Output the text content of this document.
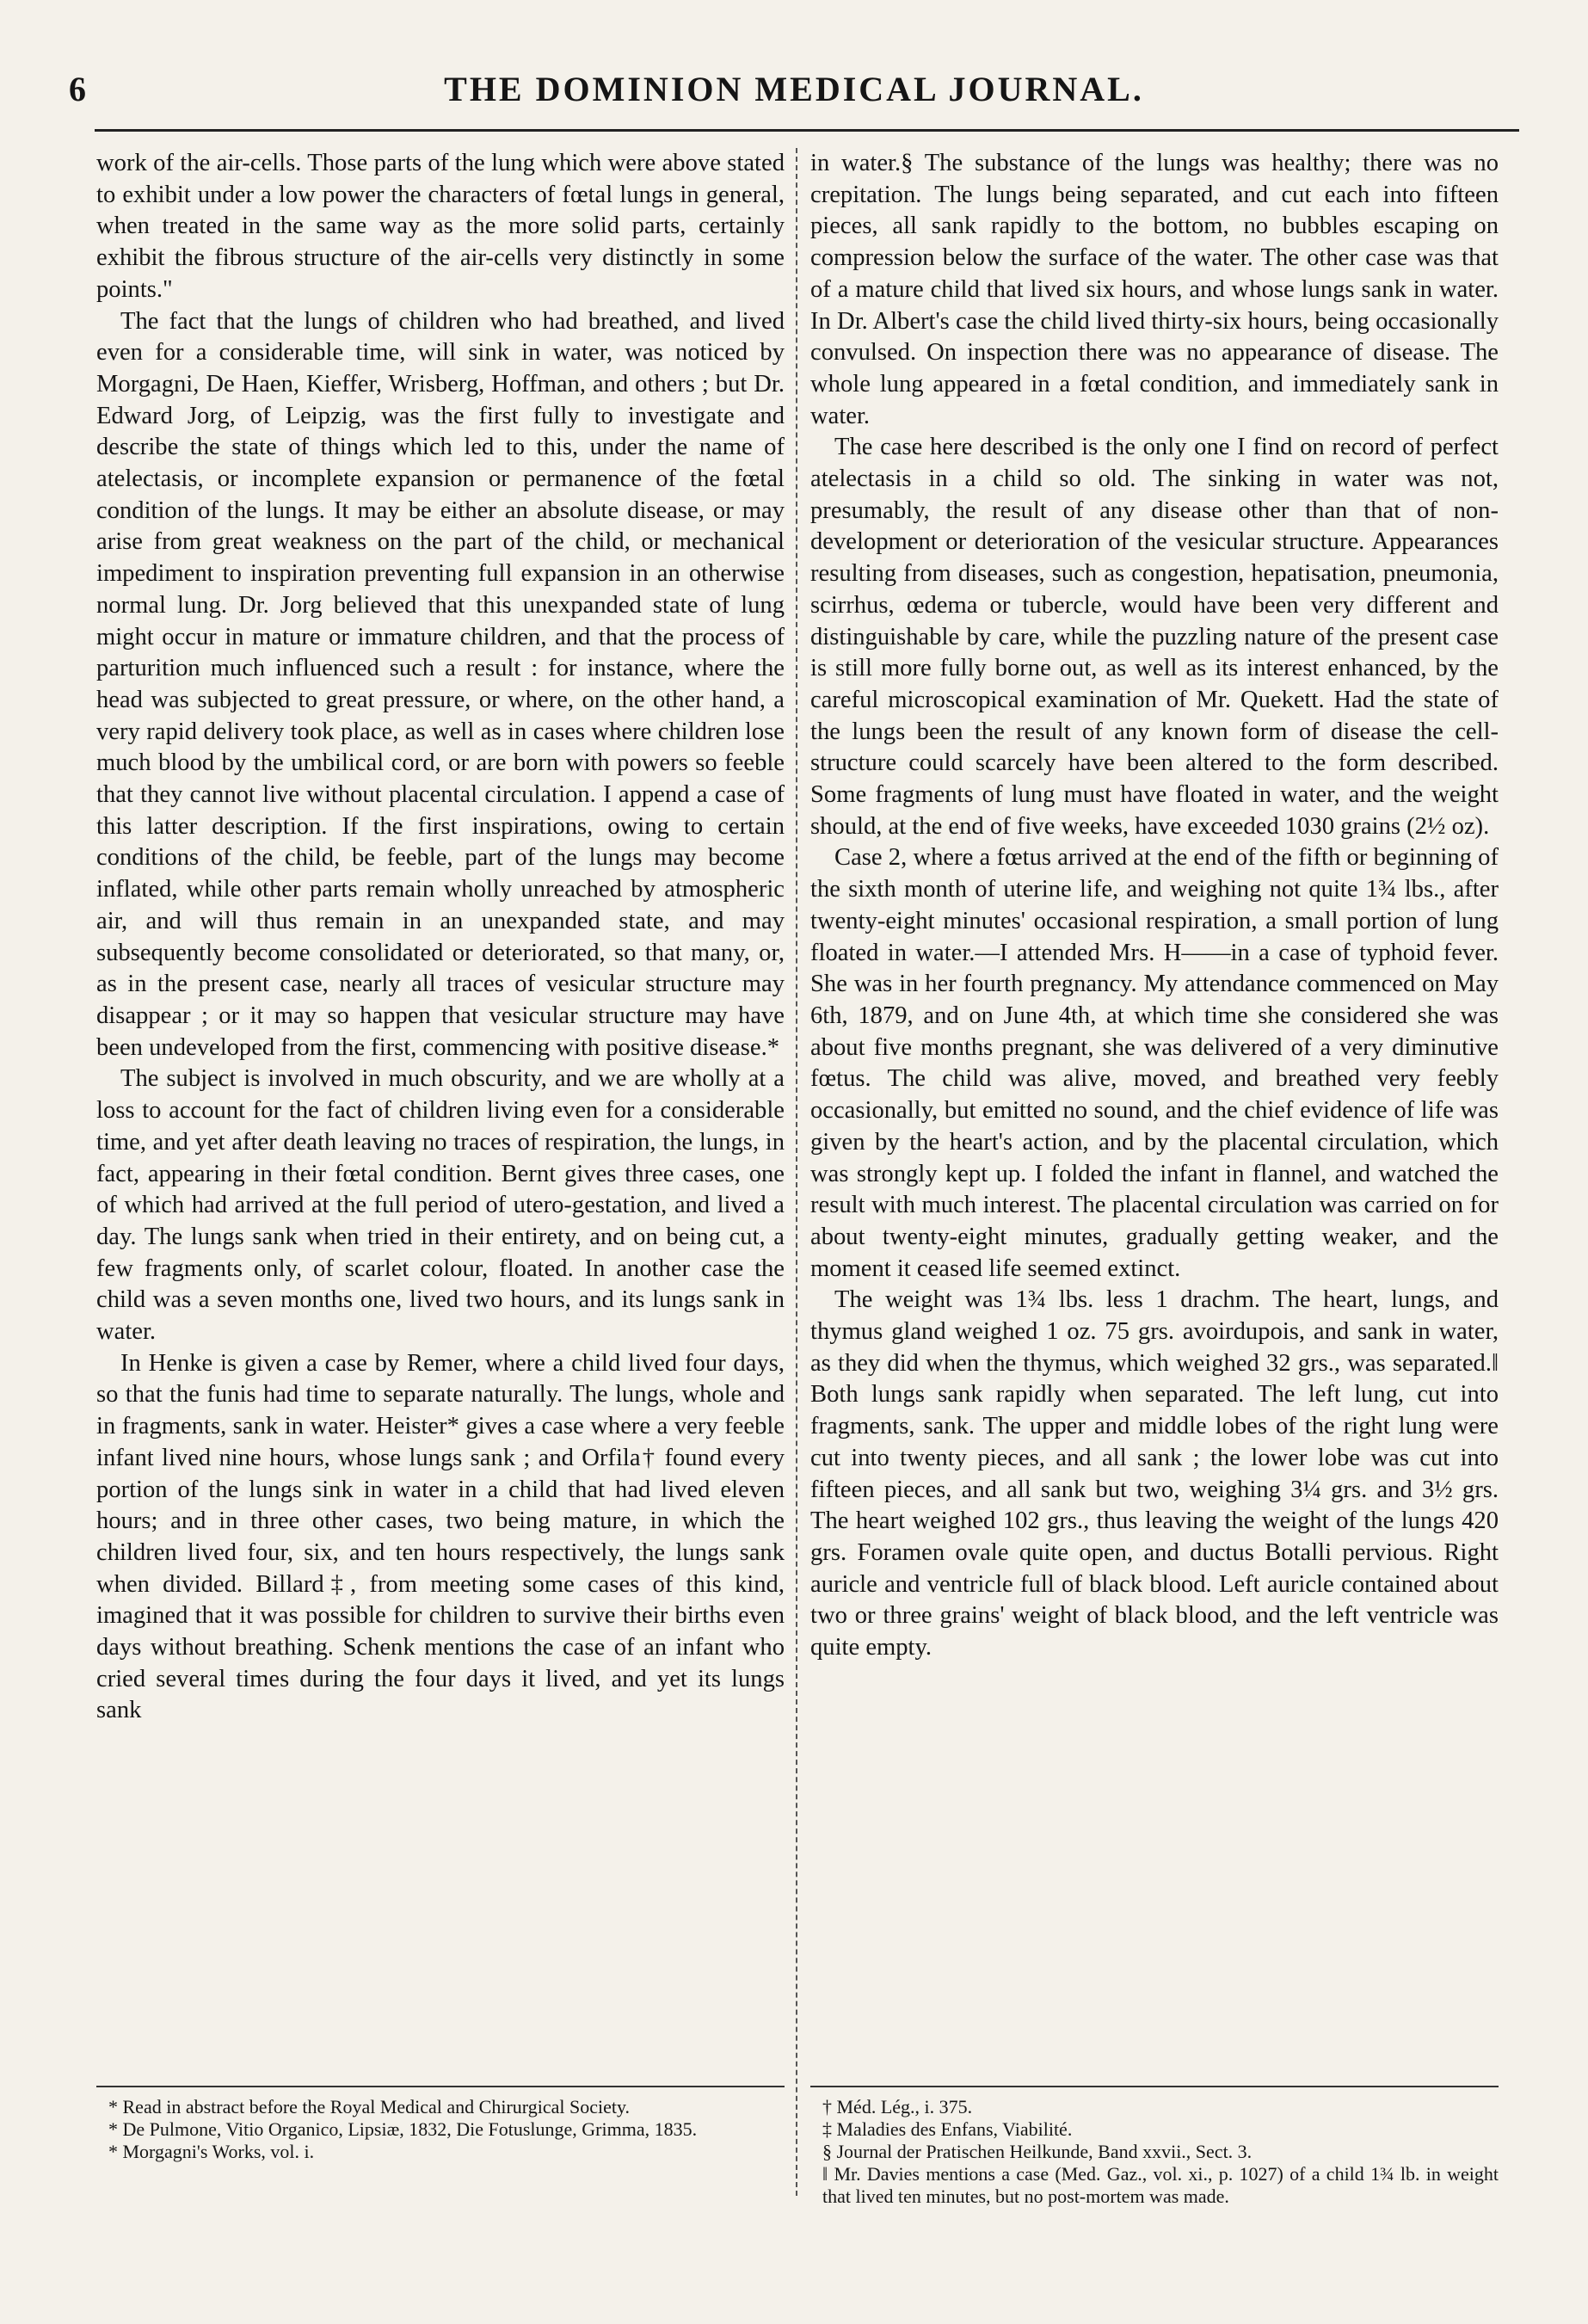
6	THE DOMINION MEDICAL JOURNAL.

work of the air-cells. Those parts of the lung which were above stated to exhibit under a low power the characters of fœtal lungs in general, when treated in the same way as the more solid parts, certainly exhibit the fibrous structure of the air-cells very distinctly in some points."

The fact that the lungs of children who had breathed, and lived even for a considerable time, will sink in water, was noticed by Morgagni, De Haen, Kieffer, Wrisberg, Hoffman, and others ; but Dr. Edward Jorg, of Leipzig, was the first fully to investigate and describe the state of things which led to this, under the name of atelectasis, or incomplete expansion or permanence of the fœtal condition of the lungs. It may be either an absolute disease, or may arise from great weakness on the part of the child, or mechanical impediment to inspiration preventing full expansion in an otherwise normal lung. Dr. Jorg believed that this unexpanded state of lung might occur in mature or immature children, and that the process of parturition much influenced such a result : for instance, where the head was subjected to great pressure, or where, on the other hand, a very rapid delivery took place, as well as in cases where children lose much blood by the umbilical cord, or are born with powers so feeble that they cannot live without placental circulation. I append a case of this latter description. If the first inspirations, owing to certain conditions of the child, be feeble, part of the lungs may become inflated, while other parts remain wholly unreached by atmospheric air, and will thus remain in an unexpanded state, and may subsequently become consolidated or deteriorated, so that many, or, as in the present case, nearly all traces of vesicular structure may disappear ; or it may so happen that vesicular structure may have been undeveloped from the first, commencing with positive disease.*

The subject is involved in much obscurity, and we are wholly at a loss to account for the fact of children living even for a considerable time, and yet after death leaving no traces of respiration, the lungs, in fact, appearing in their fœtal condition. Bernt gives three cases, one of which had arrived at the full period of utero-gestation, and lived a day. The lungs sank when tried in their entirety, and on being cut, a few fragments only, of scarlet colour, floated. In another case the child was a seven months one, lived two hours, and its lungs sank in water.

In Henke is given a case by Remer, where a child lived four days, so that the funis had time to separate naturally. The lungs, whole and in fragments, sank in water. Heister* gives a case where a very feeble infant lived nine hours, whose lungs sank ; and Orfila† found every portion of the lungs sink in water in a child that had lived eleven hours; and in three other cases, two being mature, in which the children lived four, six, and ten hours respectively, the lungs sank when divided. Billard‡, from meeting some cases of this kind, imagined that it was possible for children to survive their births even days without breathing. Schenk mentions the case of an infant who cried several times during the four days it lived, and yet its lungs sank

in water.§ The substance of the lungs was healthy; there was no crepitation. The lungs being separated, and cut each into fifteen pieces, all sank rapidly to the bottom, no bubbles escaping on compression below the surface of the water. The other case was that of a mature child that lived six hours, and whose lungs sank in water. In Dr. Albert's case the child lived thirty-six hours, being occasionally convulsed. On inspection there was no appearance of disease. The whole lung appeared in a fœtal condition, and immediately sank in water.

The case here described is the only one I find on record of perfect atelectasis in a child so old. The sinking in water was not, presumably, the result of any disease other than that of non-development or deterioration of the vesicular structure. Appearances resulting from diseases, such as congestion, hepatisation, pneumonia, scirrhus, œdema or tubercle, would have been very different and distinguishable by care, while the puzzling nature of the present case is still more fully borne out, as well as its interest enhanced, by the careful microscopical examination of Mr. Quekett. Had the state of the lungs been the result of any known form of disease the cell-structure could scarcely have been altered to the form described. Some fragments of lung must have floated in water, and the weight should, at the end of five weeks, have exceeded 1030 grains (2½ oz).

Case 2, where a fœtus arrived at the end of the fifth or beginning of the sixth month of uterine life, and weighing not quite 1¾ lbs., after twenty-eight minutes' occasional respiration, a small portion of lung floated in water.—I attended Mrs. H——in a case of typhoid fever. She was in her fourth pregnancy. My attendance commenced on May 6th, 1879, and on June 4th, at which time she considered she was about five months pregnant, she was delivered of a very diminutive fœtus. The child was alive, moved, and breathed very feebly occasionally, but emitted no sound, and the chief evidence of life was given by the heart's action, and by the placental circulation, which was strongly kept up. I folded the infant in flannel, and watched the result with much interest. The placental circulation was carried on for about twenty-eight minutes, gradually getting weaker, and the moment it ceased life seemed extinct.

The weight was 1¾ lbs. less 1 drachm. The heart, lungs, and thymus gland weighed 1 oz. 75 grs. avoirdupois, and sank in water, as they did when the thymus, which weighed 32 grs., was separated.‖ Both lungs sank rapidly when separated. The left lung, cut into fragments, sank. The upper and middle lobes of the right lung were cut into twenty pieces, and all sank ; the lower lobe was cut into fifteen pieces, and all sank but two, weighing 3¼ grs. and 3½ grs. The heart weighed 102 grs., thus leaving the weight of the lungs 420 grs. Foramen ovale quite open, and ductus Botalli pervious. Right auricle and ventricle full of black blood. Left auricle contained about two or three grains' weight of black blood, and the left ventricle was quite empty.

* Read in abstract before the Royal Medical and Chirurgical Society.

* De Pulmone, Vitio Organico, Lipsiæ, 1832, Die Fotuslunge, Grimma, 1835.

* Morgagni's Works, vol. i.

† Méd. Lég., i. 375.

‡ Maladies des Enfans, Viabilité.

§ Journal der Pratischen Heilkunde, Band xxvii., Sect. 3.

‖ Mr. Davies mentions a case (Med. Gaz., vol. xi., p. 1027) of a child 1¾ lb. in weight that lived ten minutes, but no post-mortem was made.
